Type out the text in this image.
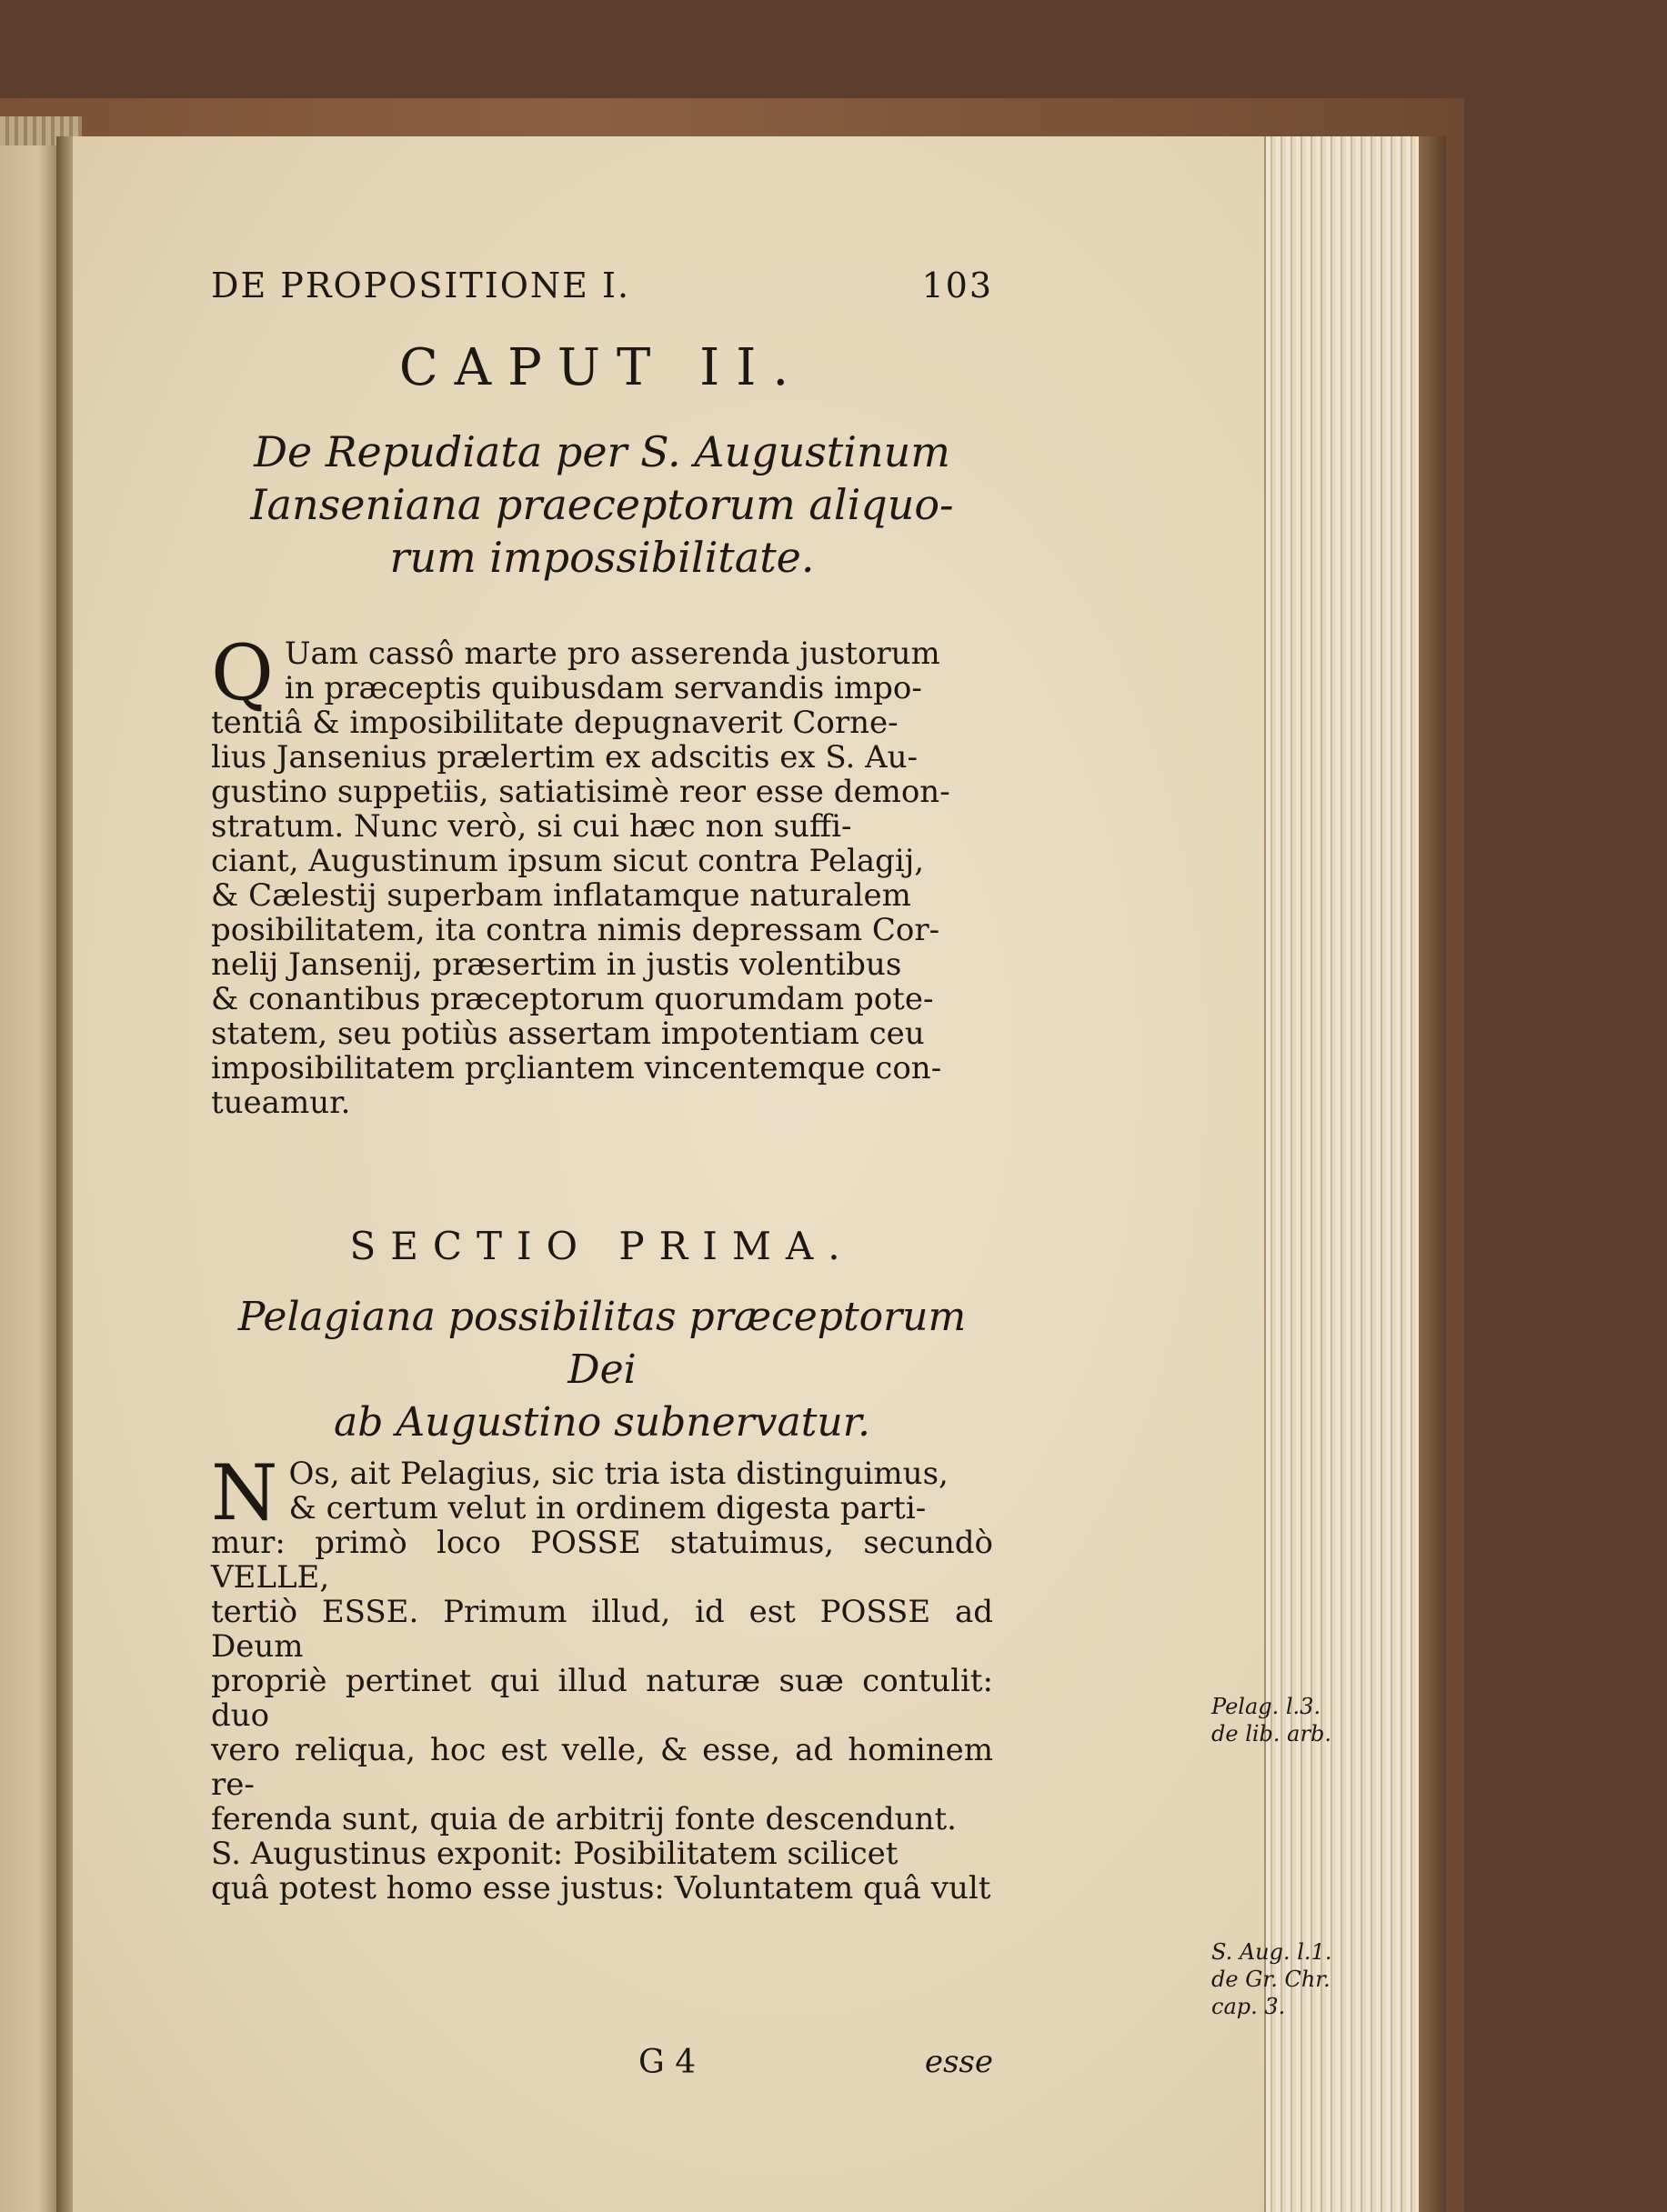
DE PROPOSITIONE I.	103
CAPUT II.
De Repudiata per S. Augustinum
Ianseniana praeceptorum aliquo-
rum impossibilitate.
Q Uam cassô marte pro asserenda justorum
in præceptis quibusdam servandis impo-
tentiâ & imposibilitate depugnaverit Corne-
lius Jansenius prælertim ex adscitis ex S. Au-
gustino suppetiis, satiatisimè reor esse demon-
stratum. Nunc verò, si cui hæc non suffi-
ciant, Augustinum ipsum sicut contra Pelagij,
& Cælestij superbam inflatamque naturalem
posibilitatem, ita contra nimis depressam Cor-
nelij Jansenij, præsertim in justis volentibus
& conantibus præceptorum quorumdam pote-
statem, seu potiùs assertam impotentiam ceu
imposibilitatem prçliantem vincentemque con-
tueamur.
SECTIO PRIMA.
Pelagiana possibilitas præceptorum Dei
ab Augustino subnervatur.
N Os, ait Pelagius, sic tria ista distinguimus,
& certum velut in ordinem digesta parti-
mur: primò loco POSSE statuimus, secundò VELLE,
tertiò ESSE. Primum illud, id est POSSE ad Deum
propriè pertinet qui illud naturæ suæ contulit: duo
vero reliqua, hoc est velle, & esse, ad hominem re-
ferenda sunt, quia de arbitrij fonte descendunt.
S. Augustinus exponit: Posibilitatem scilicet
quâ potest homo esse justus: Voluntatem quâ vult
G 4	esse
Pelag. l.3.
de lib. arb.
S. Aug. l.1.
de Gr. Chr.
cap. 3.
